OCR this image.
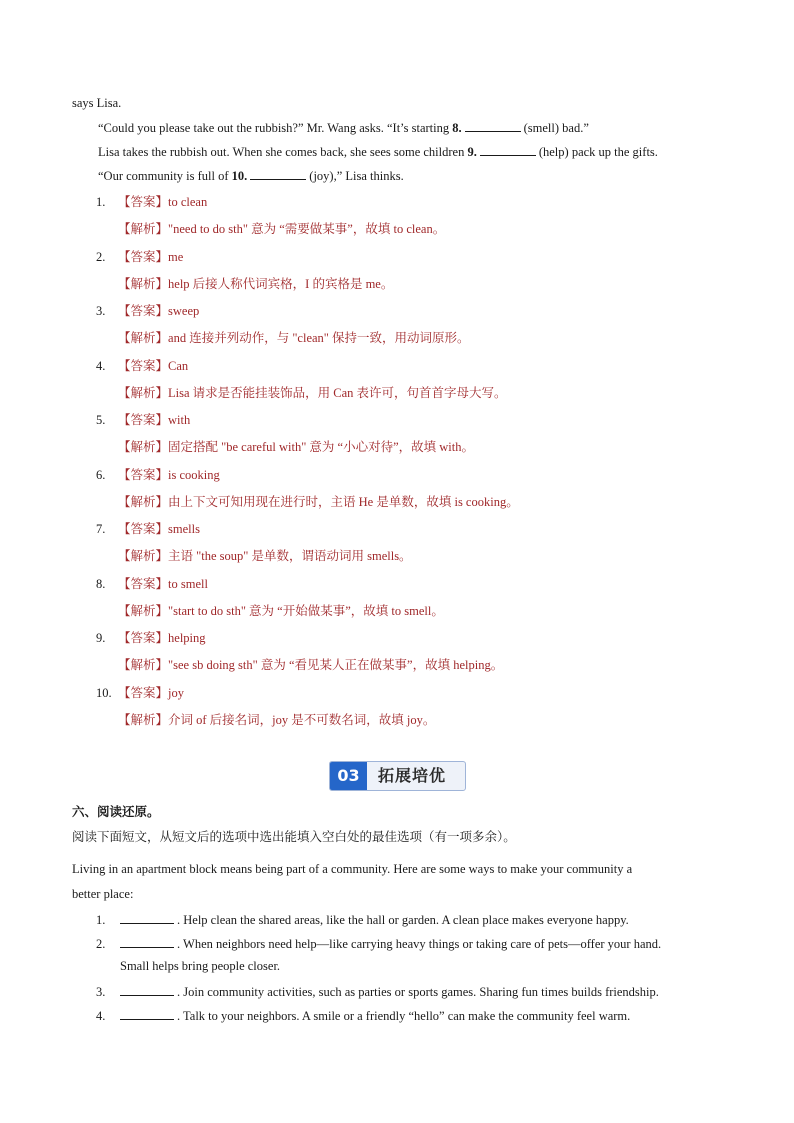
says Lisa.
“Could you please take out the rubbish?” Mr. Wang asks. “It’s starting 8.	(smell) bad.”
Lisa takes the rubbish out. When she comes back, she sees some children 9.	(help) pack up the gifts.
“Our community is full of 10.	(joy),” Lisa thinks.
1. 【答案】to clean
【解析】"need to do sth" 意为 “需要做某事”，故填 to clean。
2. 【答案】me
【解析】help 后接人称代词宾格，I 的宾格是 me。
3. 【答案】sweep
【解析】and 连接并列动作，与 "clean" 保持一致，用动词原形。
4. 【答案】Can
【解析】Lisa 请求是否能挂装饰品，用 Can 表许可，句首首字母大写。
5. 【答案】with
【解析】固定搭配 "be careful with" 意为 “小心对待”，故填 with。
6. 【答案】is cooking
【解析】由上下文可知用现在进行时，主语 He 是单数，故填 is cooking。
7. 【答案】smells
【解析】主语 "the soup" 是单数，谓语动词用 smells。
8. 【答案】to smell
【解析】"start to do sth" 意为 “开始做某事”，故填 to smell。
9. 【答案】helping
【解析】"see sb doing sth" 意为 “看见某人正在做某事”，故填 helping。
10. 【答案】joy
【解析】介词 of 后接名词，joy 是不可数名词，故填 joy。
03	拓展培优
六、阅读还原。
阅读下面短文，从短文后的选项中选出能填入空白处的最佳选项（有一项多余）。
Living in an apartment block means being part of a community. Here are some ways to make your community a
better place:
1.	. Help clean the shared areas, like the hall or garden. A clean place makes everyone happy.
2.	. When neighbors need help—like carrying heavy things or taking care of pets—offer your hand.
Small helps bring people closer.
3.	. Join community activities, such as parties or sports games. Sharing fun times builds friendship.
4.	. Talk to your neighbors. A smile or a friendly “hello” can make the community feel warm.
